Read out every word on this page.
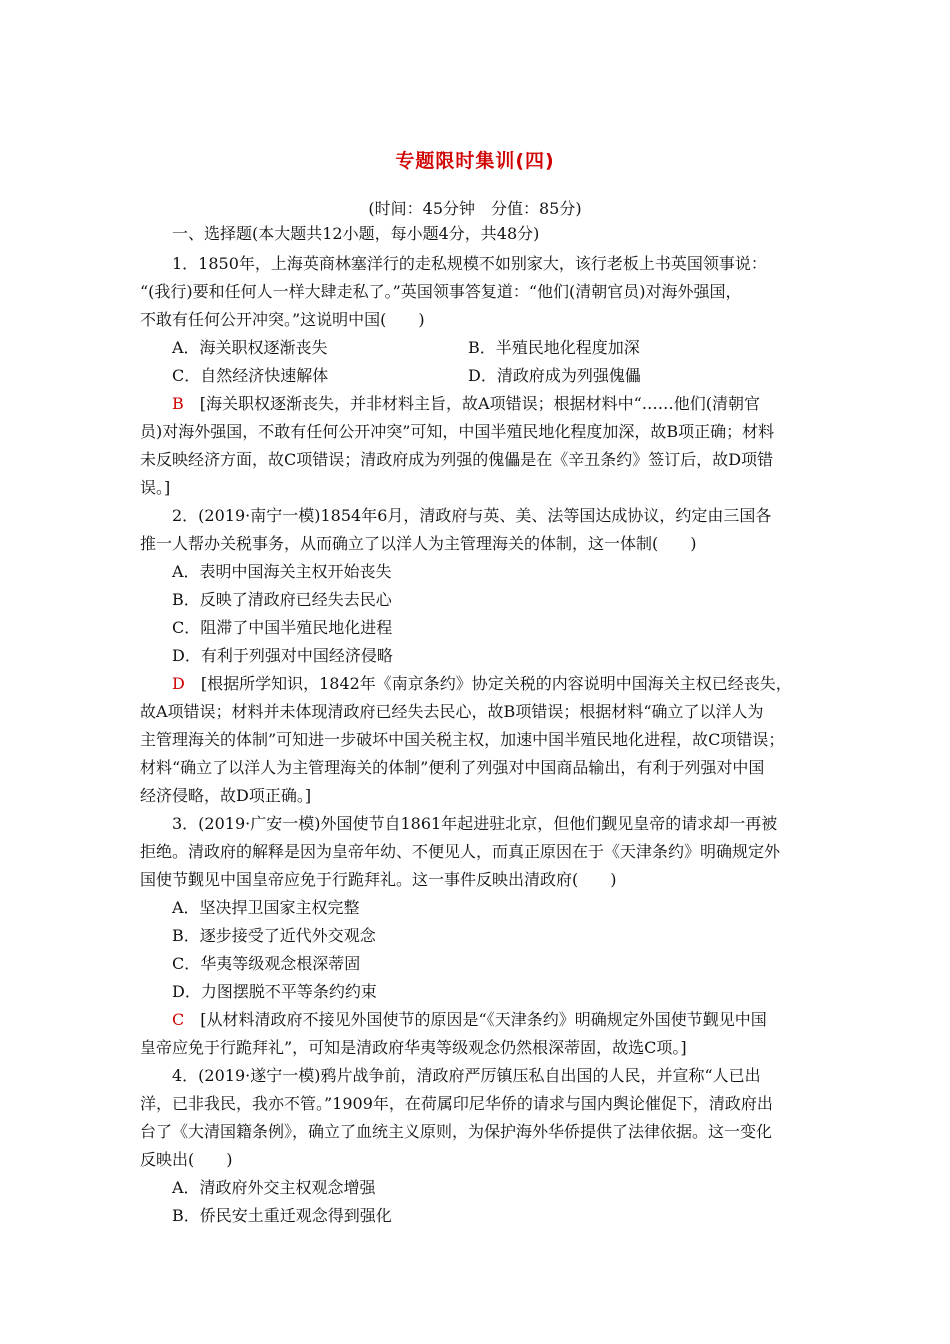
专题限时集训(四)
(时间：45分钟　分值：85分)
一、选择题(本大题共12小题，每小题4分，共48分)
1．1850年，上海英商林塞洋行的走私规模不如别家大，该行老板上书英国领事说：
“(我行)要和任何人一样大肆走私了。”英国领事答复道：“他们(清朝官员)对海外强国，
不敢有任何公开冲突。”这说明中国(　　)
A．海关职权逐渐丧失	B．半殖民地化程度加深
C．自然经济快速解体	D．清政府成为列强傀儡
B　 [海关职权逐渐丧失，并非材料主旨，故A项错误；根据材料中“……他们(清朝官
员)对海外强国，不敢有任何公开冲突”可知，中国半殖民地化程度加深，故B项正确；材料
未反映经济方面，故C项错误；清政府成为列强的傀儡是在《辛丑条约》签订后，故D项错
误。]
2．(2019·南宁一模)1854年6月，清政府与英、美、法等国达成协议，约定由三国各
推一人帮办关税事务，从而确立了以洋人为主管理海关的体制，这一体制(　　)
A．表明中国海关主权开始丧失
B．反映了清政府已经失去民心
C．阻滞了中国半殖民地化进程
D．有利于列强对中国经济侵略
D　 [根据所学知识，1842年《南京条约》协定关税的内容说明中国海关主权已经丧失，
故A项错误；材料并未体现清政府已经失去民心，故B项错误；根据材料“确立了以洋人为
主管理海关的体制”可知进一步破坏中国关税主权，加速中国半殖民地化进程，故C项错误；
材料“确立了以洋人为主管理海关的体制”便利了列强对中国商品输出，有利于列强对中国
经济侵略，故D项正确。]
3．(2019·广安一模)外国使节自1861年起进驻北京，但他们觐见皇帝的请求却一再被
拒绝。清政府的解释是因为皇帝年幼、不便见人，而真正原因在于《天津条约》明确规定外
国使节觐见中国皇帝应免于行跪拜礼。这一事件反映出清政府(　　)
A．坚决捍卫国家主权完整
B．逐步接受了近代外交观念
C．华夷等级观念根深蒂固
D．力图摆脱不平等条约约束
C　 [从材料清政府不接见外国使节的原因是“《天津条约》明确规定外国使节觐见中国
皇帝应免于行跪拜礼”，可知是清政府华夷等级观念仍然根深蒂固，故选C项。]
4．(2019·遂宁一模)鸦片战争前，清政府严厉镇压私自出国的人民，并宣称“人已出
洋，已非我民，我亦不管。”1909年，在荷属印尼华侨的请求与国内舆论催促下，清政府出
台了《大清国籍条例》，确立了血统主义原则，为保护海外华侨提供了法律依据。这一变化
反映出(　　)
A．清政府外交主权观念增强
B．侨民安土重迁观念得到强化
